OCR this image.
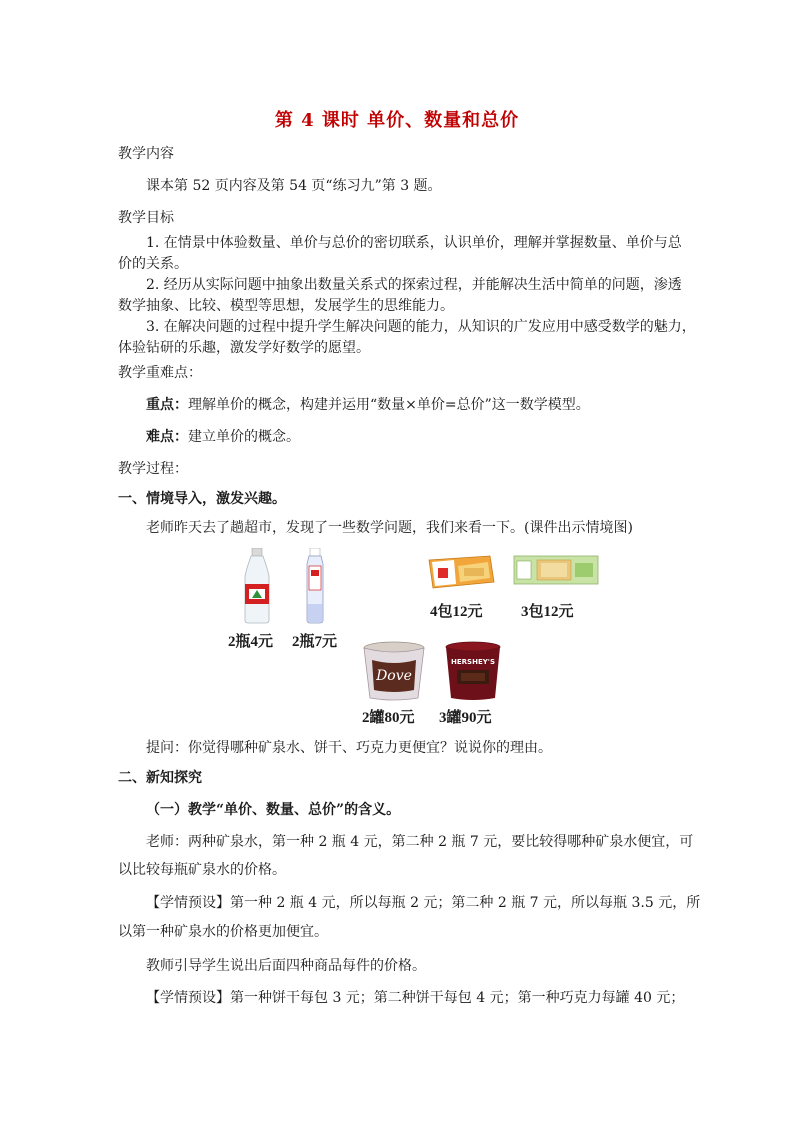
第 4 课时 单价、数量和总价
教学内容
课本第 52 页内容及第 54 页“练习九”第 3 题。
教学目标
1. 在情景中体验数量、单价与总价的密切联系，认识单价，理解并掌握数量、单价与总
价的关系。
2. 经历从实际问题中抽象出数量关系式的探索过程，并能解决生活中简单的问题，渗透
数学抽象、比较、模型等思想，发展学生的思维能力。
3. 在解决问题的过程中提升学生解决问题的能力，从知识的广发应用中感受数学的魅力，
体验钻研的乐趣，激发学好数学的愿望。
教学重难点：
重点：理解单价的概念，构建并运用“数量×单价=总价”这一数学模型。
难点：建立单价的概念。
教学过程：
一、情境导入，激发兴趣。
老师昨天去了趟超市，发现了一些数学问题，我们来看一下。(课件出示情境图)
4包12元	3包12元
2瓶4元 2瓶7元
Dove
HERSHEY'S
2罐80元 3罐90元
提问：你觉得哪种矿泉水、饼干、巧克力更便宜？说说你的理由。
二、新知探究
（一）教学“单价、数量、总价”的含义。
老师：两种矿泉水，第一种 2 瓶 4 元，第二种 2 瓶 7 元，要比较得哪种矿泉水便宜，可
以比较每瓶矿泉水的价格。
【学情预设】第一种 2 瓶 4 元，所以每瓶 2 元；第二种 2 瓶 7 元，所以每瓶 3.5 元，所
以第一种矿泉水的价格更加便宜。
教师引导学生说出后面四种商品每件的价格。
【学情预设】第一种饼干每包 3 元；第二种饼干每包 4 元；第一种巧克力每罐 40 元；
